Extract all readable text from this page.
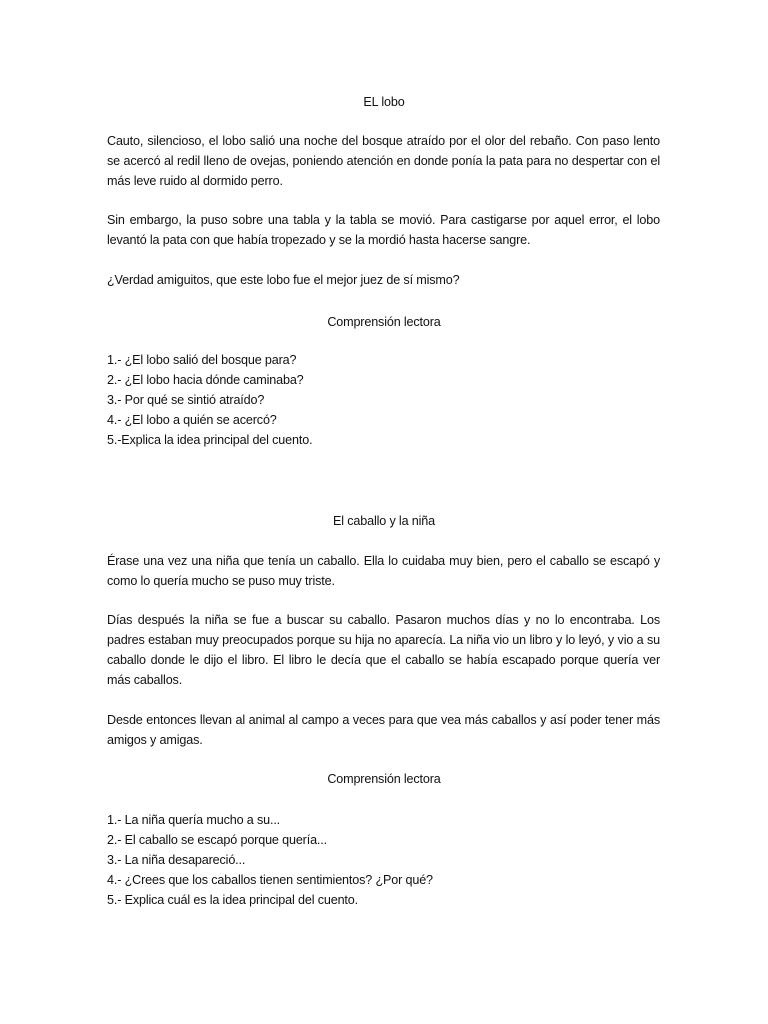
EL lobo
Cauto, silencioso, el lobo salió una noche del bosque atraído por el olor del rebaño. Con paso lento se acercó al redil lleno de ovejas, poniendo atención en donde ponía la pata para no despertar con el más leve ruido al dormido perro.
Sin embargo, la puso sobre una tabla y la tabla se movió. Para castigarse por aquel error, el lobo levantó la pata con que había tropezado y se la mordió hasta hacerse sangre.
¿Verdad amiguitos, que este lobo fue el mejor juez de sí mismo?
Comprensión lectora
1.- ¿El lobo salió del bosque para?
2.- ¿El lobo hacia dónde caminaba?
3.- Por qué se sintió atraído?
4.- ¿El lobo a quién se acercó?
5.-Explica la idea principal del cuento.
El caballo y la niña
Érase una vez una niña que tenía un caballo. Ella lo cuidaba muy bien, pero el caballo se escapó y como lo quería mucho se puso muy triste.
Días después la niña se fue a buscar su caballo. Pasaron muchos días y no lo encontraba. Los padres estaban muy preocupados porque su hija no aparecía. La niña vio un libro y lo leyó, y vio a su caballo donde le dijo el libro. El libro le decía que el caballo se había escapado porque quería ver más caballos.
Desde entonces llevan al animal al campo a veces para que vea más caballos y así poder tener más amigos y amigas.
Comprensión lectora
1.- La niña quería mucho a su...
2.- El caballo se escapó porque quería...
3.- La niña desapareció...
4.- ¿Crees que los caballos tienen sentimientos? ¿Por qué?
5.- Explica cuál es la idea principal del cuento.
